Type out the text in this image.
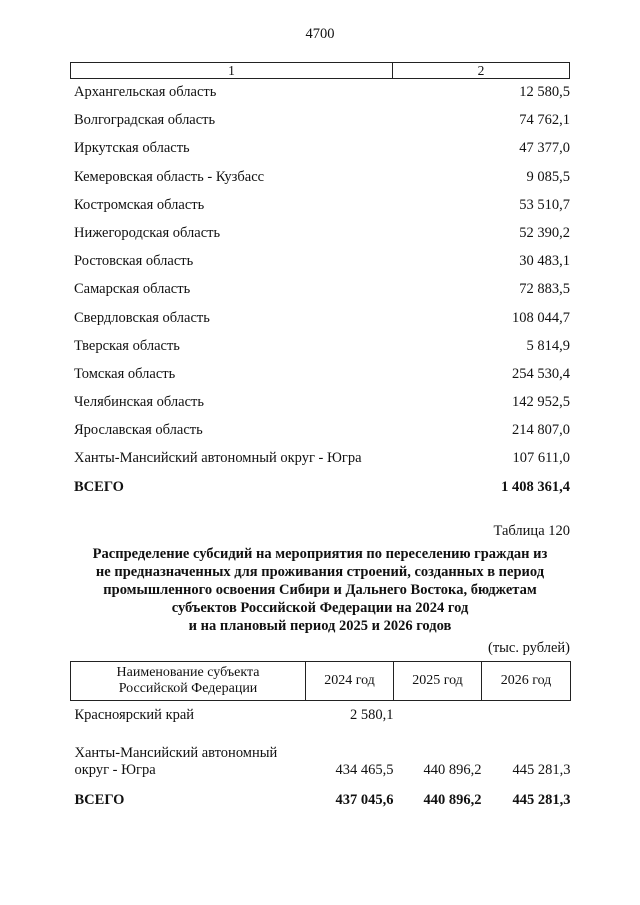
4700
1	2
Архангельская область	12 580,5
Волгоградская область	74 762,1
Иркутская область	47 377,0
Кемеровская область - Кузбасс	9 085,5
Костромская область	53 510,7
Нижегородская область	52 390,2
Ростовская область	30 483,1
Самарская область	72 883,5
Свердловская область	108 044,7
Тверская область	5 814,9
Томская область	254 530,4
Челябинская область	142 952,5
Ярославская область	214 807,0
Ханты-Мансийский автономный округ - Югра	107 611,0
ВСЕГО	1 408 361,4
Таблица 120
Распределение субсидий на мероприятия по переселению граждан из
не предназначенных для проживания строений, созданных в период
промышленного освоения Сибири и Дальнего Востока, бюджетам
субъектов Российской Федерации на 2024 год
и на плановый период 2025 и 2026 годов
(тыс. рублей)
Наименование субъекта
Российской Федерации	2024 год	2025 год	2026 год
Красноярский край	2 580,1		

Ханты-Мансийский автономный
округ - Югра	434 465,5	440 896,2	445 281,3
ВСЕГО	437 045,6	440 896,2	445 281,3
